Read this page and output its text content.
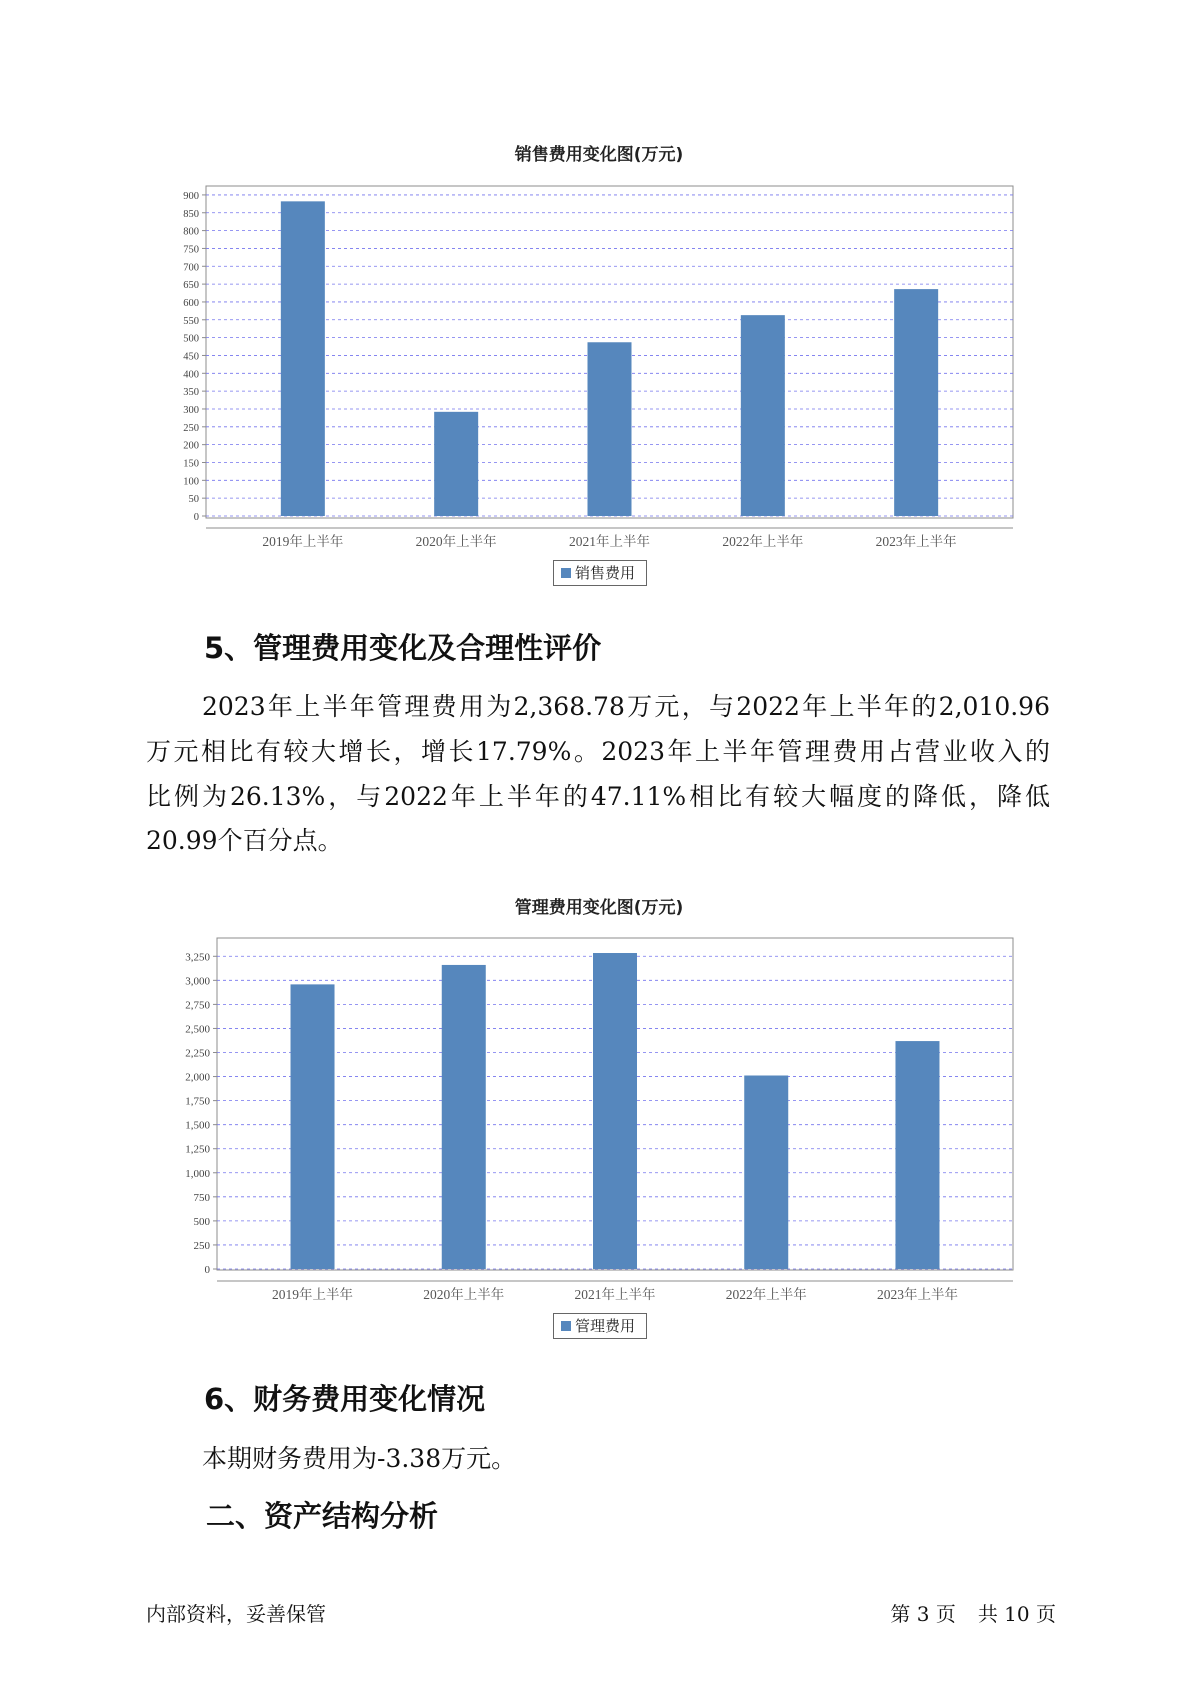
销售费用变化图(万元)
0
50
100
150
200
250
300
350
400
450
500
550
600
650
700
750
800
850
900
2019年上半年	2020年上半年	2021年上半年	2022年上半年	2023年上半年
销售费用
5、管理费用变化及合理性评价
2023年上半年管理费用为2,368.78万元，与2022年上半年的2,010.96
万元相比有较大增长，增长17.79%。2023年上半年管理费用占营业收入的
比例为26.13%，与2022年上半年的47.11%相比有较大幅度的降低，降低
20.99个百分点。
管理费用变化图(万元)
0
250
500
750
1,000
1,250
1,500
1,750
2,000
2,250
2,500
2,750
3,000
3,250
2019年上半年	2020年上半年	2021年上半年	2022年上半年	2023年上半年
管理费用
6、财务费用变化情况
本期财务费用为-3.38万元。
二、资产结构分析
内部资料，妥善保管	第 3 页 共 10 页
